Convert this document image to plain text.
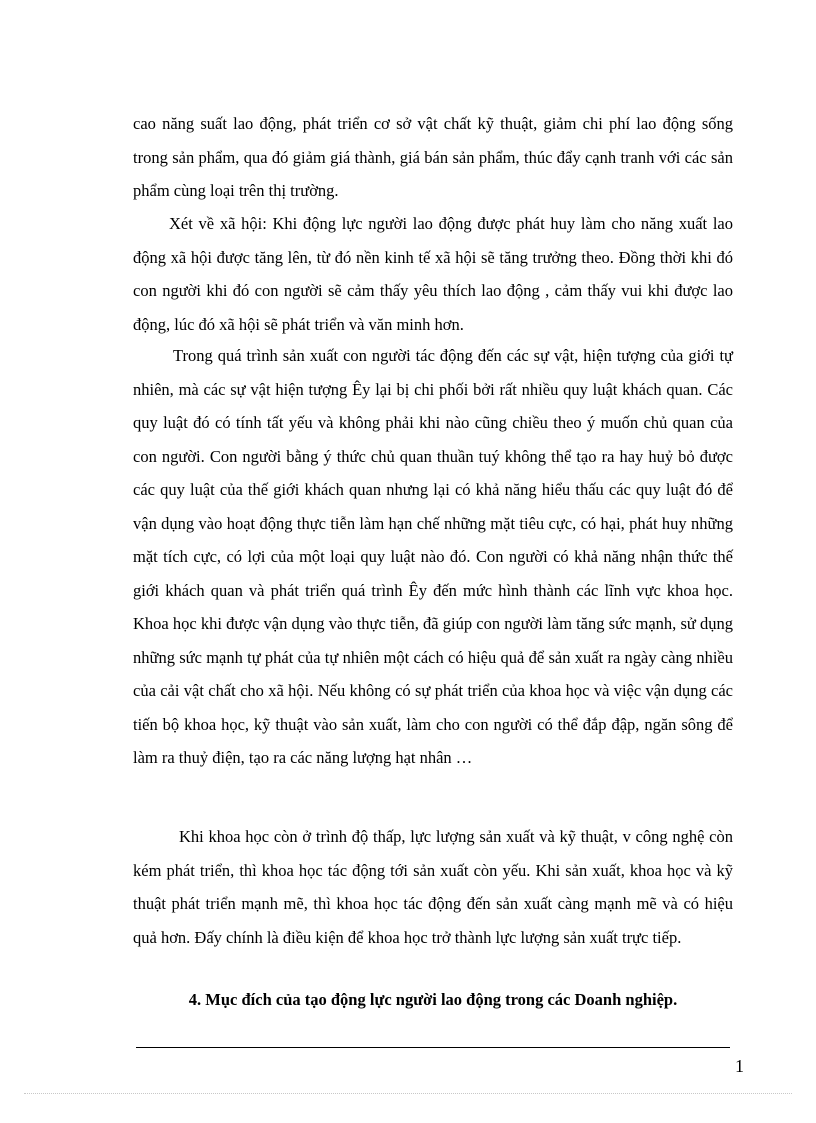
cao năng suất lao động, phát triển cơ sở vật chất kỹ thuật, giảm chi phí lao động sống trong sản phẩm, qua đó giảm giá thành, giá bán sản phẩm, thúc đẩy cạnh tranh với các sản phẩm cùng loại trên thị trường.

Xét về xã hội: Khi động lực người lao động được phát huy làm cho năng xuất lao động xã hội được tăng lên, từ đó nền kinh tế xã hội sẽ tăng trưởng theo. Đồng thời khi đó con người khi đó con người sẽ cảm thấy yêu thích lao động , cảm thấy vui khi được lao động, lúc đó xã hội sẽ phát triển và văn minh hơn.

Trong quá trình sản xuất con người tác động đến các sự vật, hiện tượng của giới tự nhiên, mà các sự vật hiện tượng Êy lại bị chi phối bởi rất nhiều quy luật khách quan. Các quy luật đó có tính tất yếu và không phải khi nào cũng chiều theo ý muốn chủ quan của con người. Con người bằng ý thức chủ quan thuần tuý không thể tạo ra hay huỷ bỏ được các quy luật của thế giới khách quan nhưng lại có khả năng hiểu thấu các quy luật đó để vận dụng vào hoạt động thực tiễn làm hạn chế những mặt tiêu cực, có hại, phát huy những mặt tích cực, có lợi của một loại quy luật nào đó. Con người có khả năng nhận thức thế giới khách quan và phát triển quá trình Êy đến mức hình thành các lĩnh vực khoa học. Khoa học khi được vận dụng vào thực tiễn, đã giúp con người làm tăng sức mạnh, sử dụng những sức mạnh tự phát của tự nhiên một cách có hiệu quả để sản xuất ra ngày càng nhiều của cải vật chất cho xã hội. Nếu không có sự phát triển của khoa học và việc vận dụng các tiến bộ khoa học, kỹ thuật vào sản xuất, làm cho con người có thể đắp đập, ngăn sông để làm ra thuỷ điện, tạo ra các năng lượng hạt nhân …

Khi khoa học còn ở trình độ thấp, lực lượng sản xuất và kỹ thuật, v công nghệ còn kém phát triển, thì khoa học tác động tới sản xuất còn yếu. Khi sản xuất, khoa học và kỹ thuật phát triển mạnh mẽ, thì khoa học tác động đến sản xuất càng mạnh mẽ và có hiệu quả hơn. Đấy chính là điều kiện để khoa học trở thành lực lượng sản xuất trực tiếp.

4. Mục đích của tạo động lực người lao động trong các Doanh nghiệp.
1
